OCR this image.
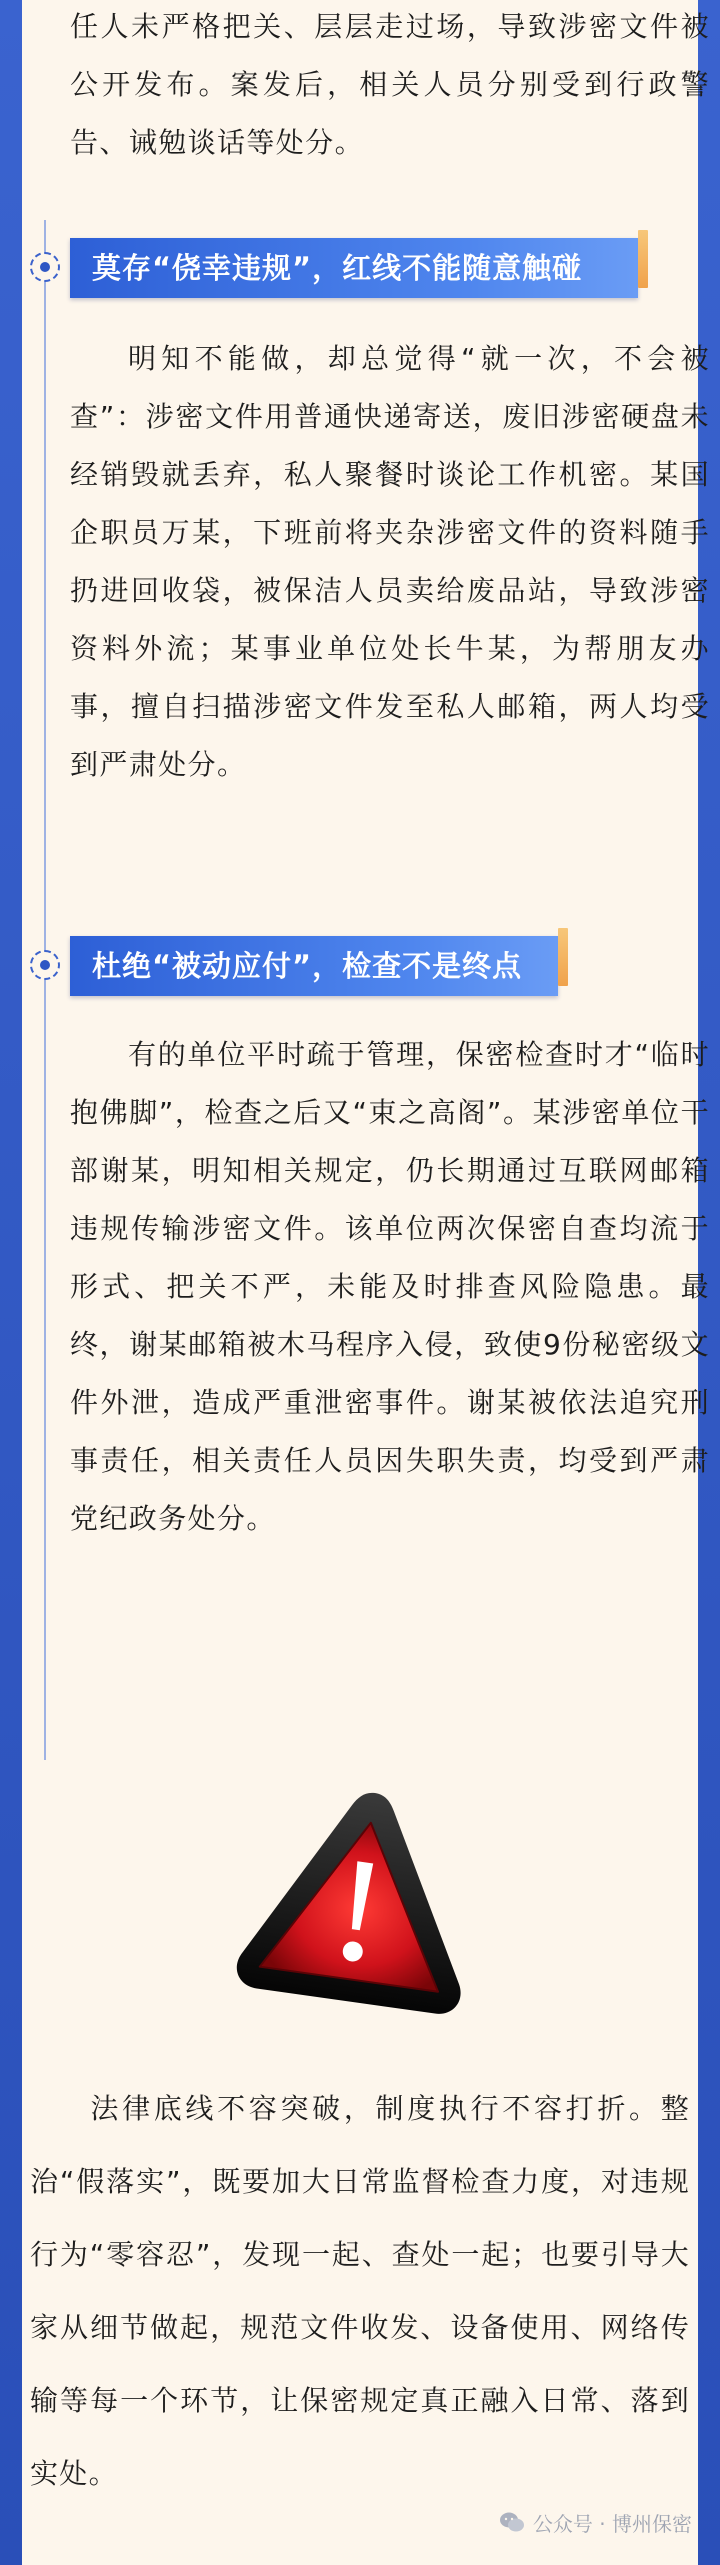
任人未严格把关、层层走过场，导致涉密文件被公开发布。案发后，相关人员分别受到行政警告、诫勉谈话等处分。

莫存“侥幸违规”，红线不能随意触碰

明知不能做，却总觉得“就一次，不会被查”：涉密文件用普通快递寄送，废旧涉密硬盘未经销毁就丢弃，私人聚餐时谈论工作机密。某国企职员万某，下班前将夹杂涉密文件的资料随手扔进回收袋，被保洁人员卖给废品站，导致涉密资料外流；某事业单位处长牛某，为帮朋友办事，擅自扫描涉密文件发至私人邮箱，两人均受到严肃处分。

杜绝“被动应付”，检查不是终点

有的单位平时疏于管理，保密检查时才“临时抱佛脚”，检查之后又“束之高阁”。某涉密单位干部谢某，明知相关规定，仍长期通过互联网邮箱违规传输涉密文件。该单位两次保密自查均流于形式、把关不严，未能及时排查风险隐患。最终，谢某邮箱被木马程序入侵，致使9份秘密级文件外泄，造成严重泄密事件。谢某被依法追究刑事责任，相关责任人员因失职失责，均受到严肃党纪政务处分。

法律底线不容突破，制度执行不容打折。整治“假落实”，既要加大日常监督检查力度，对违规行为“零容忍”，发现一起、查处一起；也要引导大家从细节做起，规范文件收发、设备使用、网络传输等每一个环节，让保密规定真正融入日常、落到实处。

公众号 · 博州保密
